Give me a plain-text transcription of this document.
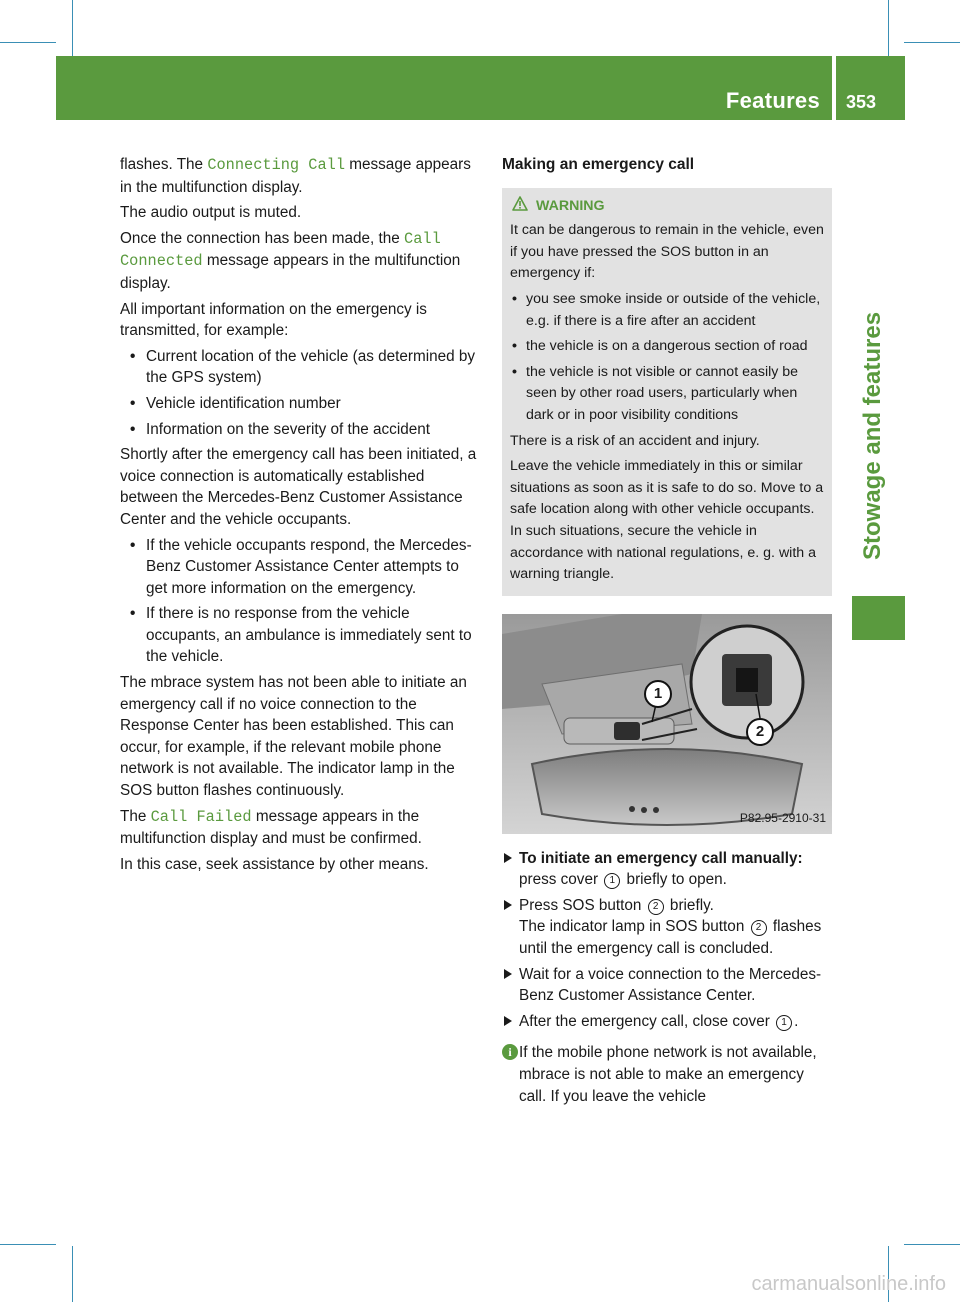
Features 353
Stowage and features

flashes. The Connecting Call message appears in the multifunction display.

The audio output is muted.

Once the connection has been made, the Call Connected message appears in the multifunction display.

All important information on the emergency is transmitted, for example:

• Current location of the vehicle (as determined by the GPS system)
• Vehicle identification number
• Information on the severity of the accident

Shortly after the emergency call has been initiated, a voice connection is automatically established between the Mercedes-Benz Customer Assistance Center and the vehicle occupants.

• If the vehicle occupants respond, the Mercedes-Benz Customer Assistance Center attempts to get more information on the emergency.
• If there is no response from the vehicle occupants, an ambulance is immediately sent to the vehicle.

The mbrace system has not been able to initiate an emergency call if no voice connection to the Response Center has been established. This can occur, for example, if the relevant mobile phone network is not available. The indicator lamp in the SOS button flashes continuously.

The Call Failed message appears in the multifunction display and must be confirmed.

In this case, seek assistance by other means.

Making an emergency call
WARNING

It can be dangerous to remain in the vehicle, even if you have pressed the SOS button in an emergency if:

• you see smoke inside or outside of the vehicle, e.g. if there is a fire after an accident
• the vehicle is on a dangerous section of road
• the vehicle is not visible or cannot easily be seen by other road users, particularly when dark or in poor visibility conditions

There is a risk of an accident and injury.

Leave the vehicle immediately in this or similar situations as soon as it is safe to do so. Move to a safe location along with other vehicle occupants. In such situations, secure the vehicle in accordance with national regulations, e. g. with a warning triangle.

1
2
P82.95-2910-31
To initiate an emergency call manually: press cover 1 briefly to open.
Press SOS button 2 briefly.
The indicator lamp in SOS button 2 flashes until the emergency call is concluded.
Wait for a voice connection to the Mercedes-Benz Customer Assistance Center.
After the emergency call, close cover 1 .
i If the mobile phone network is not available, mbrace is not able to make an emergency call. If you leave the vehicle
carmanualsonline.info
